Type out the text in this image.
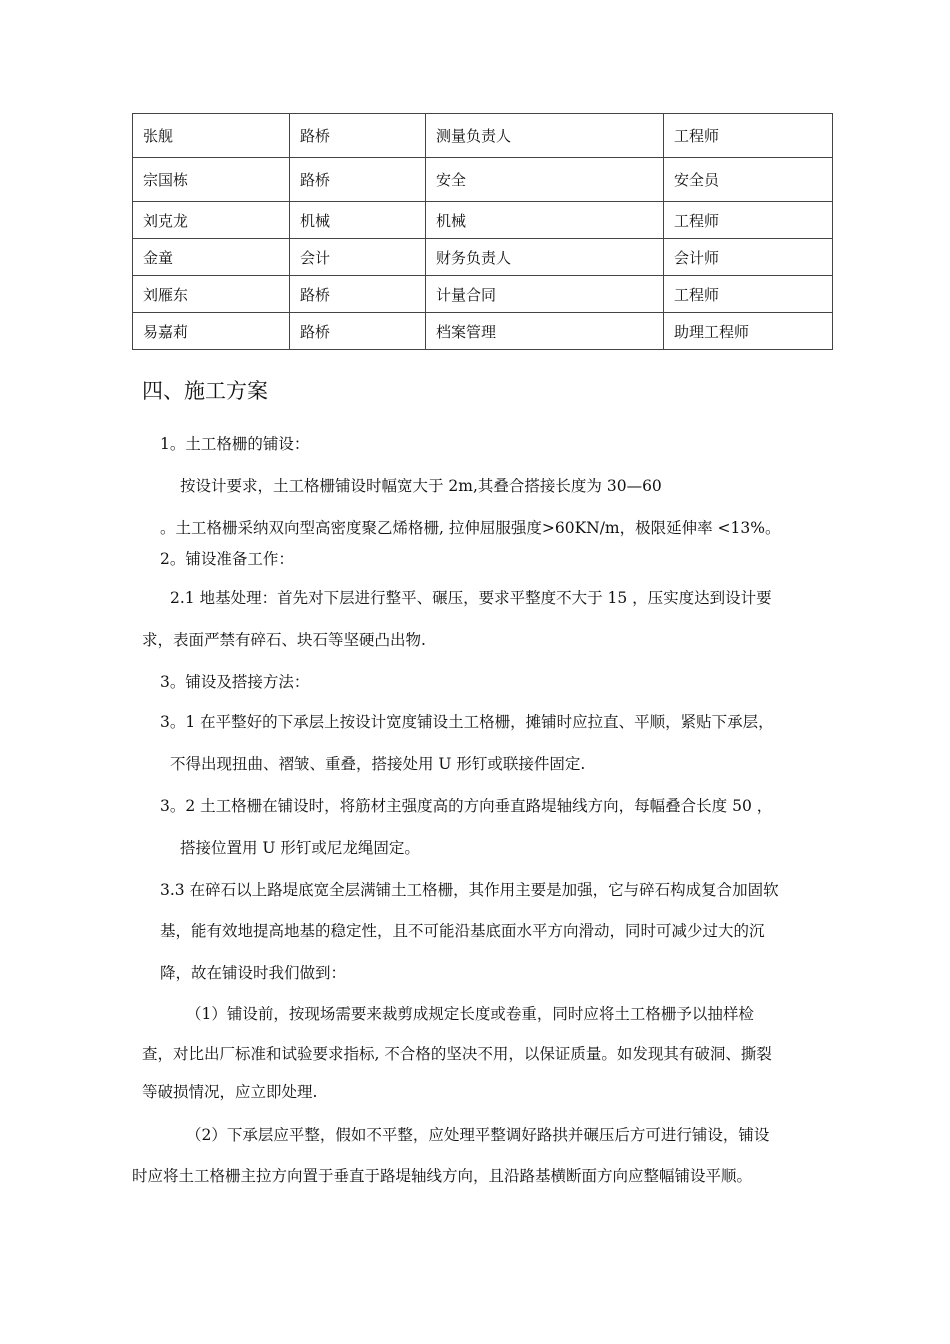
张舰	路桥	测量负责人	工程师
宗国栋	路桥	安全	安全员
刘克龙	机械	机械	工程师
金童	会计	财务负责人	会计师
刘雁东	路桥	计量合同	工程师
易嘉莉	路桥	档案管理	助理工程师
四、施工方案
1。土工格栅的铺设：
按设计要求，土工格栅铺设时幅宽大于 2m,其叠合搭接长度为 30—60
。土工格栅采纳双向型高密度聚乙烯格栅, 拉伸屈服强度>60KN/m，极限延伸率 <13%。
2。铺设准备工作：
2.1 地基处理：首先对下层进行整平、碾压，要求平整度不大于 15 ，压实度达到设计要
求，表面严禁有碎石、块石等坚硬凸出物.
3。铺设及搭接方法：
3。1 在平整好的下承层上按设计宽度铺设土工格栅，摊铺时应拉直、平顺，紧贴下承层，
不得出现扭曲、褶皱、重叠，搭接处用 U 形钉或联接件固定.
3。2 土工格栅在铺设时，将筋材主强度高的方向垂直路堤轴线方向，每幅叠合长度 50 ，
搭接位置用 U 形钉或尼龙绳固定。
3.3 在碎石以上路堤底宽全层满铺土工格栅，其作用主要是加强，它与碎石构成复合加固软
基，能有效地提高地基的稳定性，且不可能沿基底面水平方向滑动，同时可减少过大的沉
降，故在铺设时我们做到：
（1）铺设前，按现场需要来裁剪成规定长度或卷重，同时应将土工格栅予以抽样检
查，对比出厂标准和试验要求指标, 不合格的坚决不用，以保证质量。如发现其有破洞、撕裂
等破损情况，应立即处理.
（2）下承层应平整，假如不平整，应处理平整调好路拱并碾压后方可进行铺设，铺设
时应将土工格栅主拉方向置于垂直于路堤轴线方向，且沿路基横断面方向应整幅铺设平顺。
